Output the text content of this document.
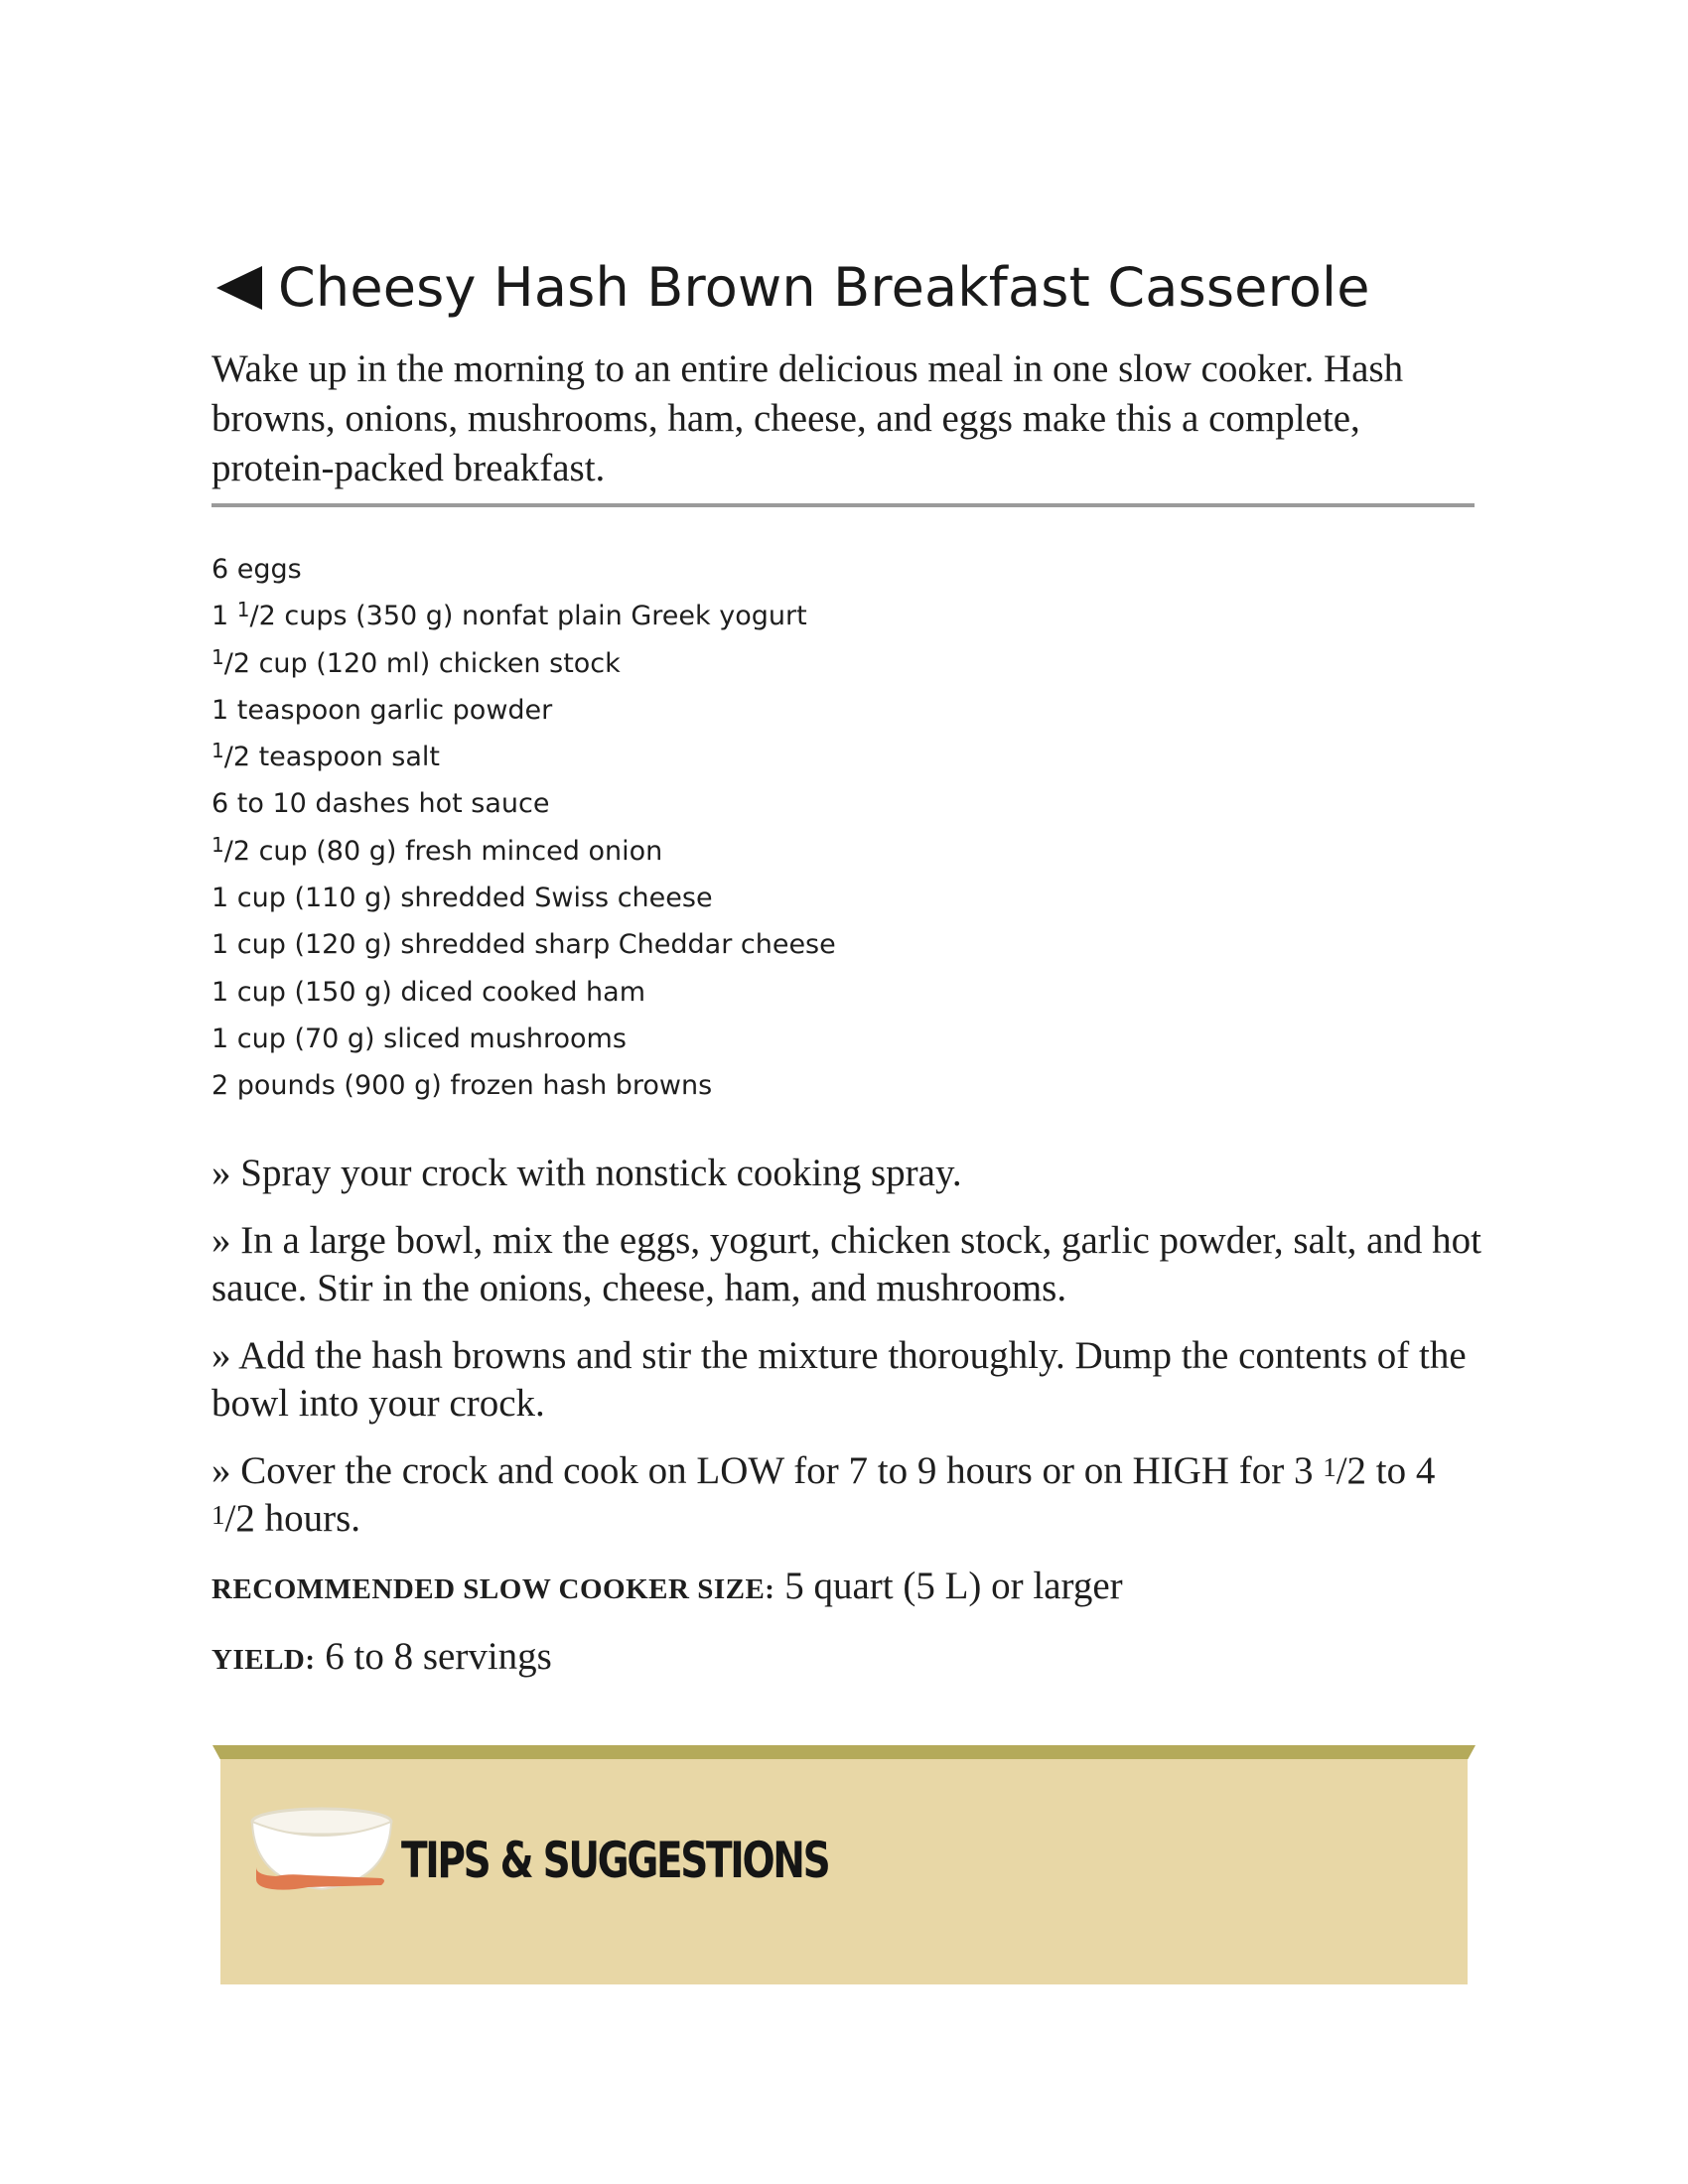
Cheesy Hash Brown Breakfast Casserole

Wake up in the morning to an entire delicious meal in one slow cooker. Hash browns, onions, mushrooms, ham, cheese, and eggs make this a complete, protein-packed breakfast.

6 eggs
1 $^1$/2 cups (350 g) nonfat plain Greek yogurt
$^1$/2 cup (120 ml) chicken stock
1 teaspoon garlic powder
$^1$/2 teaspoon salt
6 to 10 dashes hot sauce
$^1$/2 cup (80 g) fresh minced onion
1 cup (110 g) shredded Swiss cheese
1 cup (120 g) shredded sharp Cheddar cheese
1 cup (150 g) diced cooked ham
1 cup (70 g) sliced mushrooms
2 pounds (900 g) frozen hash browns

» Spray your crock with nonstick cooking spray.

» In a large bowl, mix the eggs, yogurt, chicken stock, garlic powder, salt, and hot sauce. Stir in the onions, cheese, ham, and mushrooms.

» Add the hash browns and stir the mixture thoroughly. Dump the contents of the bowl into your crock.

» Cover the crock and cook on LOW for 7 to 9 hours or on HIGH for 3 $^1$/2 to 4 $^1$/2 hours.

RECOMMENDED SLOW COOKER SIZE: 5 quart (5 L) or larger

YIELD: 6 to 8 servings

TIPS & SUGGESTIONS
